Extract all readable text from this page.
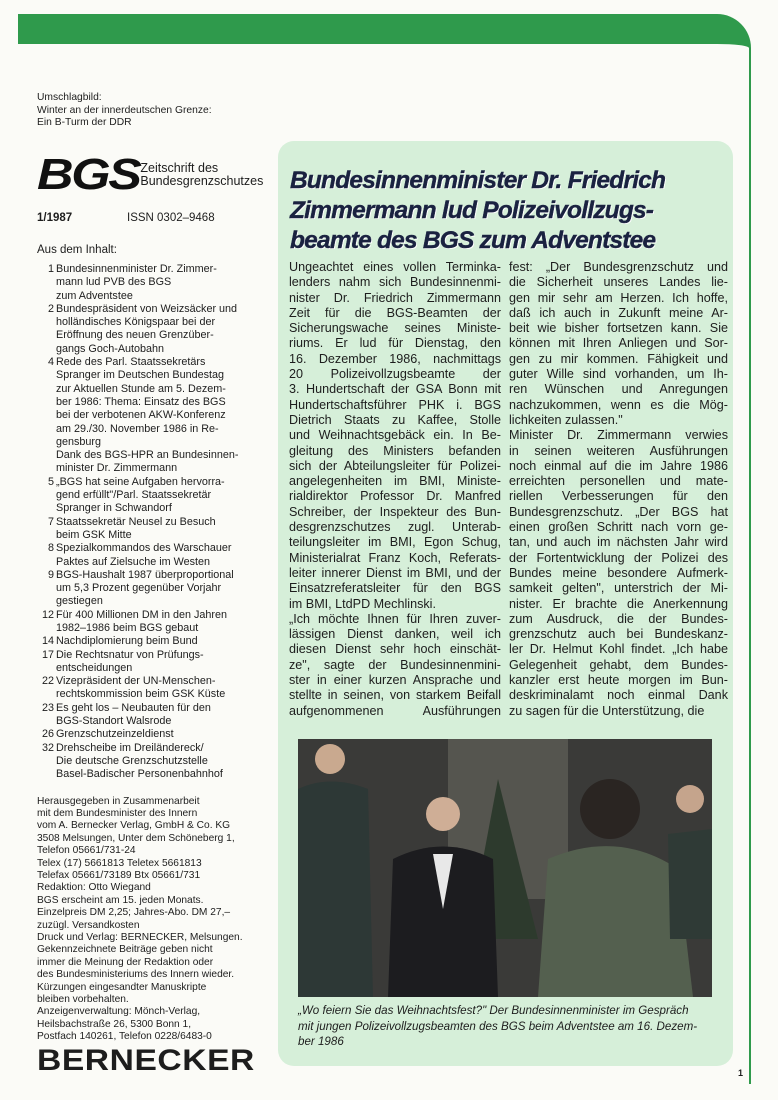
Umschlagbild:
Winter an der innerdeutschen Grenze:
Ein B-Turm der DDR
BGS Zeitschrift des
Bundesgrenzschutzes
1/1987	ISSN 0302–9468
Aus dem Inhalt:
1 Bundesinnenminister Dr. Zimmer-
mann lud PVB des BGS
zum Adventstee
2 Bundespräsident von Weizsäcker und
holländisches Königspaar bei der
Eröffnung des neuen Grenzüber-
gangs Goch-Autobahn
4 Rede des Parl. Staatssekretärs
Spranger im Deutschen Bundestag
zur Aktuellen Stunde am 5. Dezem-
ber 1986: Thema: Einsatz des BGS
bei der verbotenen AKW-Konferenz
am 29./30. November 1986 in Re-
gensburg
Dank des BGS-HPR an Bundesinnen-
minister Dr. Zimmermann
5 „BGS hat seine Aufgaben hervorra-
gend erfüllt"/Parl. Staatssekretär
Spranger in Schwandorf
7 Staatssekretär Neusel zu Besuch
beim GSK Mitte
8 Spezialkommandos des Warschauer
Paktes auf Zielsuche im Westen
9 BGS-Haushalt 1987 überproportional
um 5,3 Prozent gegenüber Vorjahr
gestiegen
12 Für 400 Millionen DM in den Jahren
1982–1986 beim BGS gebaut
14 Nachdiplomierung beim Bund
17 Die Rechtsnatur von Prüfungs-
entscheidungen
22 Vizepräsident der UN-Menschen-
rechtskommission beim GSK Küste
23 Es geht los – Neubauten für den
BGS-Standort Walsrode
26 Grenzschutzeinzeldienst
32 Drehscheibe im Dreiländereck/
Die deutsche Grenzschutzstelle
Basel-Badischer Personenbahnhof
Herausgegeben in Zusammenarbeit
mit dem Bundesminister des Innern
vom A. Bernecker Verlag, GmbH & Co. KG
3508 Melsungen, Unter dem Schöneberg 1,
Telefon 05661/731-24
Telex (17) 5661813 Teletex 5661813
Telefax 05661/73189 Btx 05661/731
Redaktion: Otto Wiegand
BGS erscheint am 15. jeden Monats.
Einzelpreis DM 2,25; Jahres-Abo. DM 27,–
zuzügl. Versandkosten
Druck und Verlag: BERNECKER, Melsungen.
Gekennzeichnete Beiträge geben nicht
immer die Meinung der Redaktion oder
des Bundesministeriums des Innern wieder.
Kürzungen eingesandter Manuskripte
bleiben vorbehalten.
Anzeigenverwaltung: Mönch-Verlag,
Heilsbachstraße 26, 5300 Bonn 1,
Postfach 140261, Telefon 0228/6483-0
BERNECKER
Bundesinnenminister Dr. Friedrich
Zimmermann lud Polizeivollzugs-
beamte des BGS zum Adventstee
Ungeachtet eines vollen Terminka-
lenders nahm sich Bundesinnenmi-
nister Dr. Friedrich Zimmermann
Zeit für die BGS-Beamten der
Sicherungswache seines Ministe-
riums. Er lud für Dienstag, den
16. Dezember 1986, nachmittags
20 Polizeivollzugsbeamte der
3. Hundertschaft der GSA Bonn mit
Hundertschaftsführer PHK i. BGS
Dietrich Staats zu Kaffee, Stolle
und Weihnachtsgebäck ein. In Be-
gleitung des Ministers befanden
sich der Abteilungsleiter für Polizei-
angelegenheiten im BMI, Ministe-
rialdirektor Professor Dr. Manfred
Schreiber, der Inspekteur des Bun-
desgrenzschutzes zugl. Unterab-
teilungsleiter im BMI, Egon Schug,
Ministerialrat Franz Koch, Referats-
leiter innerer Dienst im BMI, und der
Einsatzreferatsleiter für den BGS
im BMI, LtdPD Mechlinski.
„Ich möchte Ihnen für Ihren zuver-
lässigen Dienst danken, weil ich
diesen Dienst sehr hoch einschät-
ze", sagte der Bundesinnenmini-
ster in einer kurzen Ansprache und
stellte in seinen, von starkem Beifall
aufgenommenen Ausführungen
fest: „Der Bundesgrenzschutz und
die Sicherheit unseres Landes lie-
gen mir sehr am Herzen. Ich hoffe,
daß ich auch in Zukunft meine Ar-
beit wie bisher fortsetzen kann. Sie
können mit Ihren Anliegen und Sor-
gen zu mir kommen. Fähigkeit und
guter Wille sind vorhanden, um Ih-
ren Wünschen und Anregungen
nachzukommen, wenn es die Mög-
lichkeiten zulassen."
Minister Dr. Zimmermann verwies
in seinen weiteren Ausführungen
noch einmal auf die im Jahre 1986
erreichten personellen und mate-
riellen Verbesserungen für den
Bundesgrenzschutz. „Der BGS hat
einen großen Schritt nach vorn ge-
tan, und auch im nächsten Jahr wird
der Fortentwicklung der Polizei des
Bundes meine besondere Aufmerk-
samkeit gelten", unterstrich der Mi-
nister. Er brachte die Anerkennung
zum Ausdruck, die der Bundes-
grenzschutz auch bei Bundeskanz-
ler Dr. Helmut Kohl findet. „Ich habe
Gelegenheit gehabt, dem Bundes-
kanzler erst heute morgen im Bun-
deskriminalamt noch einmal Dank
zu sagen für die Unterstützung, die
„Wo feiern Sie das Weihnachtsfest?" Der Bundesinnenminister im Gespräch
mit jungen Polizeivollzugsbeamten des BGS beim Adventstee am 16. Dezem-
ber 1986
1
